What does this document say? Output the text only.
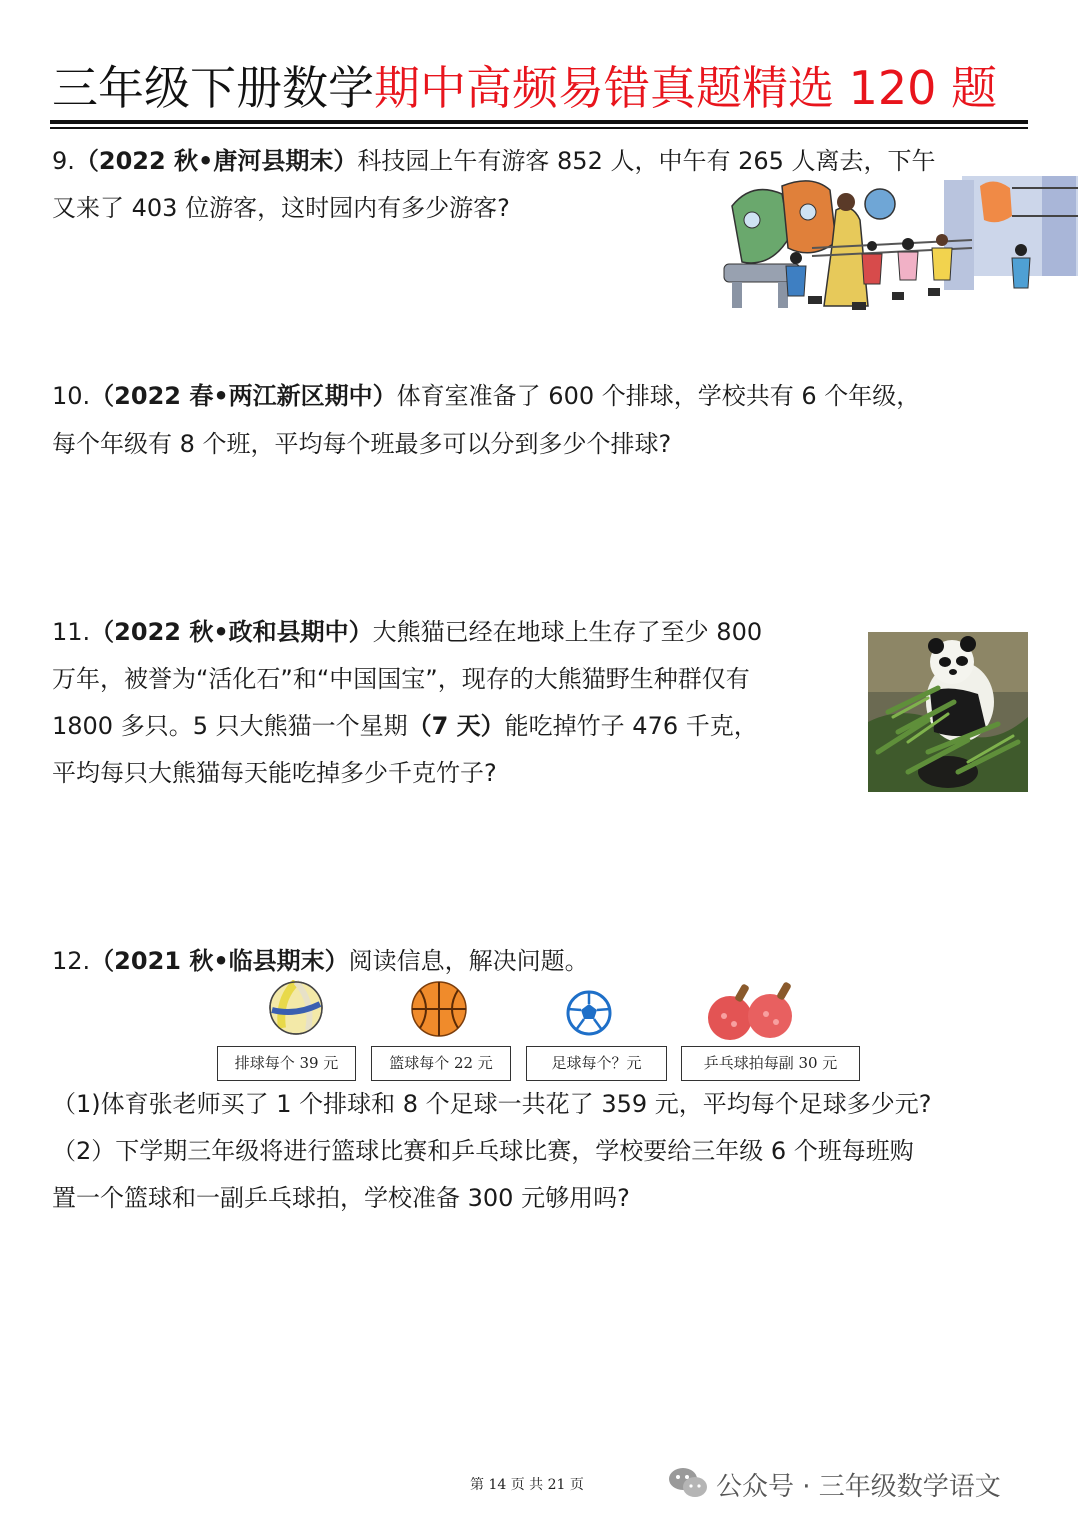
三年级下册数学期中高频易错真题精选 120 题
9.（2022 秋•唐河县期末）科技园上午有游客 852 人，中午有 265 人离去，下午
又来了 403 位游客，这时园内有多少游客?
10.（2022 春•两江新区期中）体育室准备了 600 个排球，学校共有 6 个年级，
每个年级有 8 个班，平均每个班最多可以分到多少个排球?
11.（2022 秋•政和县期中）大熊猫已经在地球上生存了至少 800
万年，被誉为“活化石”和“中国国宝”，现存的大熊猫野生种群仅有
1800 多只。5 只大熊猫一个星期（7 天）能吃掉竹子 476 千克，
平均每只大熊猫每天能吃掉多少千克竹子?
12.（2021 秋•临县期末）阅读信息，解决问题。
排球每个 39 元	篮球每个 22 元	足球每个？元	乒乓球拍每副 30 元
（1)体育张老师买了 1 个排球和 8 个足球一共花了 359 元，平均每个足球多少元?
（2）下学期三年级将进行篮球比赛和乒乓球比赛，学校要给三年级 6 个班每班购
置一个篮球和一副乒乓球拍，学校准备 300 元够用吗?
第 14 页 共 21 页	公众号 · 三年级数学语文
